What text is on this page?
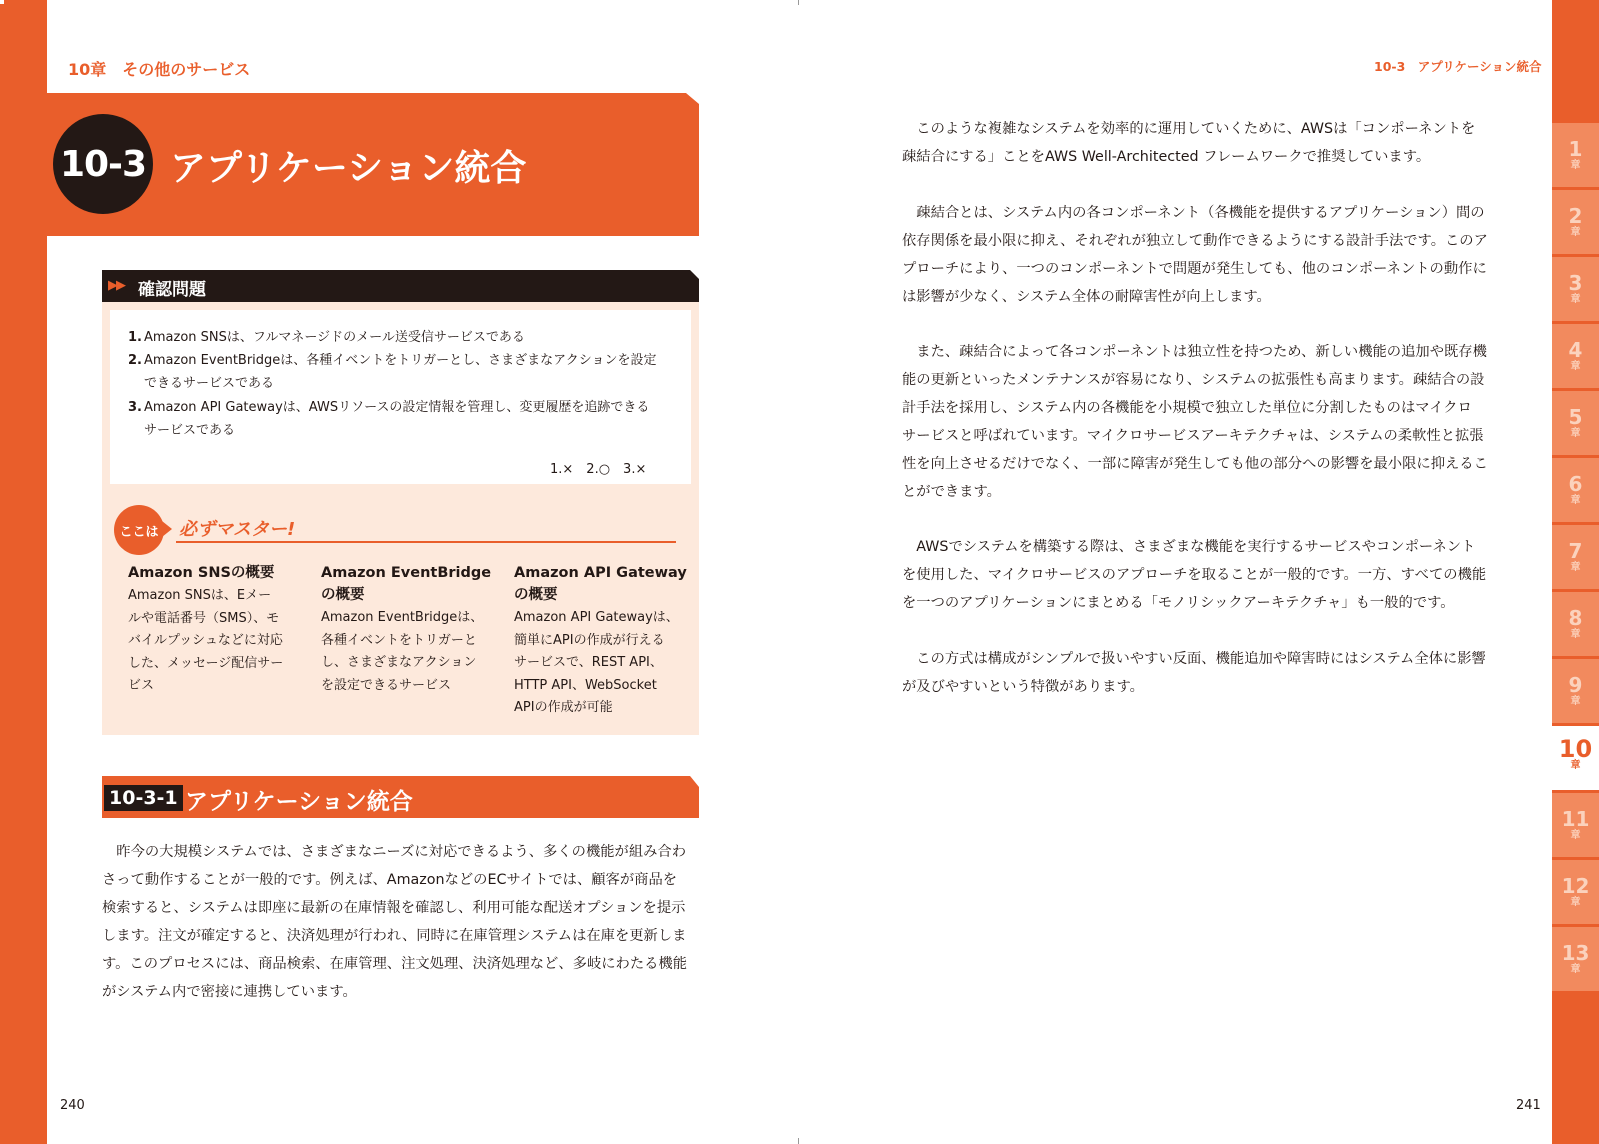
10章　その他のサービス
10-3 アプリケーション統合
▶▶ 確認問題
1. Amazon SNSは、フルマネージドのメール送受信サービスである
2. Amazon EventBridgeは、各種イベントをトリガーとし、さまざまなアクションを設定
できるサービスである
3. Amazon API Gatewayは、AWSリソースの設定情報を管理し、変更履歴を追跡できる
サービスである
1.×　2.○　3.×
ここは	必ずマスター!
Amazon SNSの概要
Amazon SNSは、Eメー
ルや電話番号（SMS）、モ
バイルプッシュなどに対応
した、メッセージ配信サー
ビス
Amazon EventBridge
の概要
Amazon EventBridgeは、
各種イベントをトリガーと
し、さまざまなアクション
を設定できるサービス
Amazon API Gateway
の概要
Amazon API Gatewayは、
簡単にAPIの作成が行える
サービスで、REST API、
HTTP API、WebSocket
APIの作成が可能
10-3-1 アプリケーション統合
　昨今の大規模システムでは、さまざまなニーズに対応できるよう、多くの機能が組み合わ
さって動作することが一般的です。例えば、AmazonなどのECサイトでは、顧客が商品を
検索すると、システムは即座に最新の在庫情報を確認し、利用可能な配送オプションを提示
します。注文が確定すると、決済処理が行われ、同時に在庫管理システムは在庫を更新しま
す。このプロセスには、商品検索、在庫管理、注文処理、決済処理など、多岐にわたる機能
がシステム内で密接に連携しています。
240
10-3　アプリケーション統合
　このような複雑なシステムを効率的に運用していくために、AWSは「コンポーネントを
疎結合にする」ことをAWS Well-Architected フレームワークで推奨しています。
　疎結合とは、システム内の各コンポーネント（各機能を提供するアプリケーション）間の
依存関係を最小限に抑え、それぞれが独立して動作できるようにする設計手法です。このア
プローチにより、一つのコンポーネントで問題が発生しても、他のコンポーネントの動作に
は影響が少なく、システム全体の耐障害性が向上します。
　また、疎結合によって各コンポーネントは独立性を持つため、新しい機能の追加や既存機
能の更新といったメンテナンスが容易になり、システムの拡張性も高まります。疎結合の設
計手法を採用し、システム内の各機能を小規模で独立した単位に分割したものはマイクロ
サービスと呼ばれています。マイクロサービスアーキテクチャは、システムの柔軟性と拡張
性を向上させるだけでなく、一部に障害が発生しても他の部分への影響を最小限に抑えるこ
とができます。
　AWSでシステムを構築する際は、さまざまな機能を実行するサービスやコンポーネント
を使用した、マイクロサービスのアプローチを取ることが一般的です。一方、すべての機能
を一つのアプリケーションにまとめる「モノリシックアーキテクチャ」も一般的です。
　この方式は構成がシンプルで扱いやすい反面、機能追加や障害時にはシステム全体に影響
が及びやすいという特徴があります。
241
1
章
2
章
3
章
4
章
5
章
6
章
7
章
8
章
9
章
10
章
11
章
12
章
13
章
